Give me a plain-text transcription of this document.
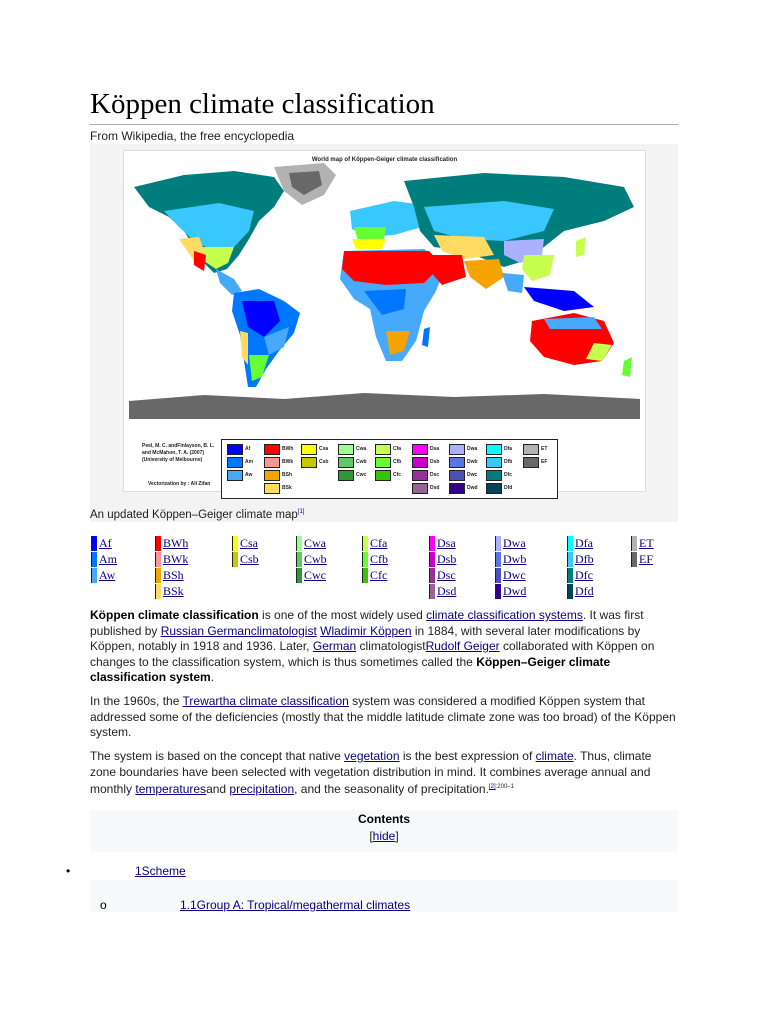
Köppen climate classification
From Wikipedia, the free encyclopedia
World map of Köppen-Geiger climate classification
Peel, M. C. andFinlayson, B. L.
and McMahon, T. A. (2007)
(University of Melbourne)
Vectorization by : Ali Zifan
Af
Am
Aw
BWh
BWk
BSh
BSk
Csa
Csb
Cwa
Cwb
Cwc
Cfa
Cfb
Cfc
Dsa
Dsb
Dsc
Dsd
Dwa
Dwb
Dwc
Dwd
Dfa
Dfb
Dfc
Dfd
ET
EF
An updated Köppen–Geiger climate map[1]
Af
Am
Aw
BWh
BWk
BSh
BSk
Csa
Csb
Cwa
Cwb
Cwc
Cfa
Cfb
Cfc
Dsa
Dsb
Dsc
Dsd
Dwa
Dwb
Dwc
Dwd
Dfa
Dfb
Dfc
Dfd
ET
EF

Köppen climate classification is one of the most widely used climate classification systems. It was first published by Russian Germanclimatologist Wladimir Köppen in 1884, with several later modifications by Köppen, notably in 1918 and 1936. Later, German climatologistRudolf Geiger collaborated with Köppen on changes to the classification system, which is thus sometimes called the Köppen–Geiger climate classification system.

In the 1960s, the Trewartha climate classification system was considered a modified Köppen system that addressed some of the deficiencies (mostly that the middle latitude climate zone was too broad) of the Köppen system.

The system is based on the concept that native vegetation is the best expression of climate. Thus, climate zone boundaries have been selected with vegetation distribution in mind. It combines average annual and monthly temperaturesand precipitation, and the seasonality of precipitation.$^{[2]:200-1}$

Contents
[hide]
•	1Scheme
o	1.1Group A: Tropical/megathermal climates
